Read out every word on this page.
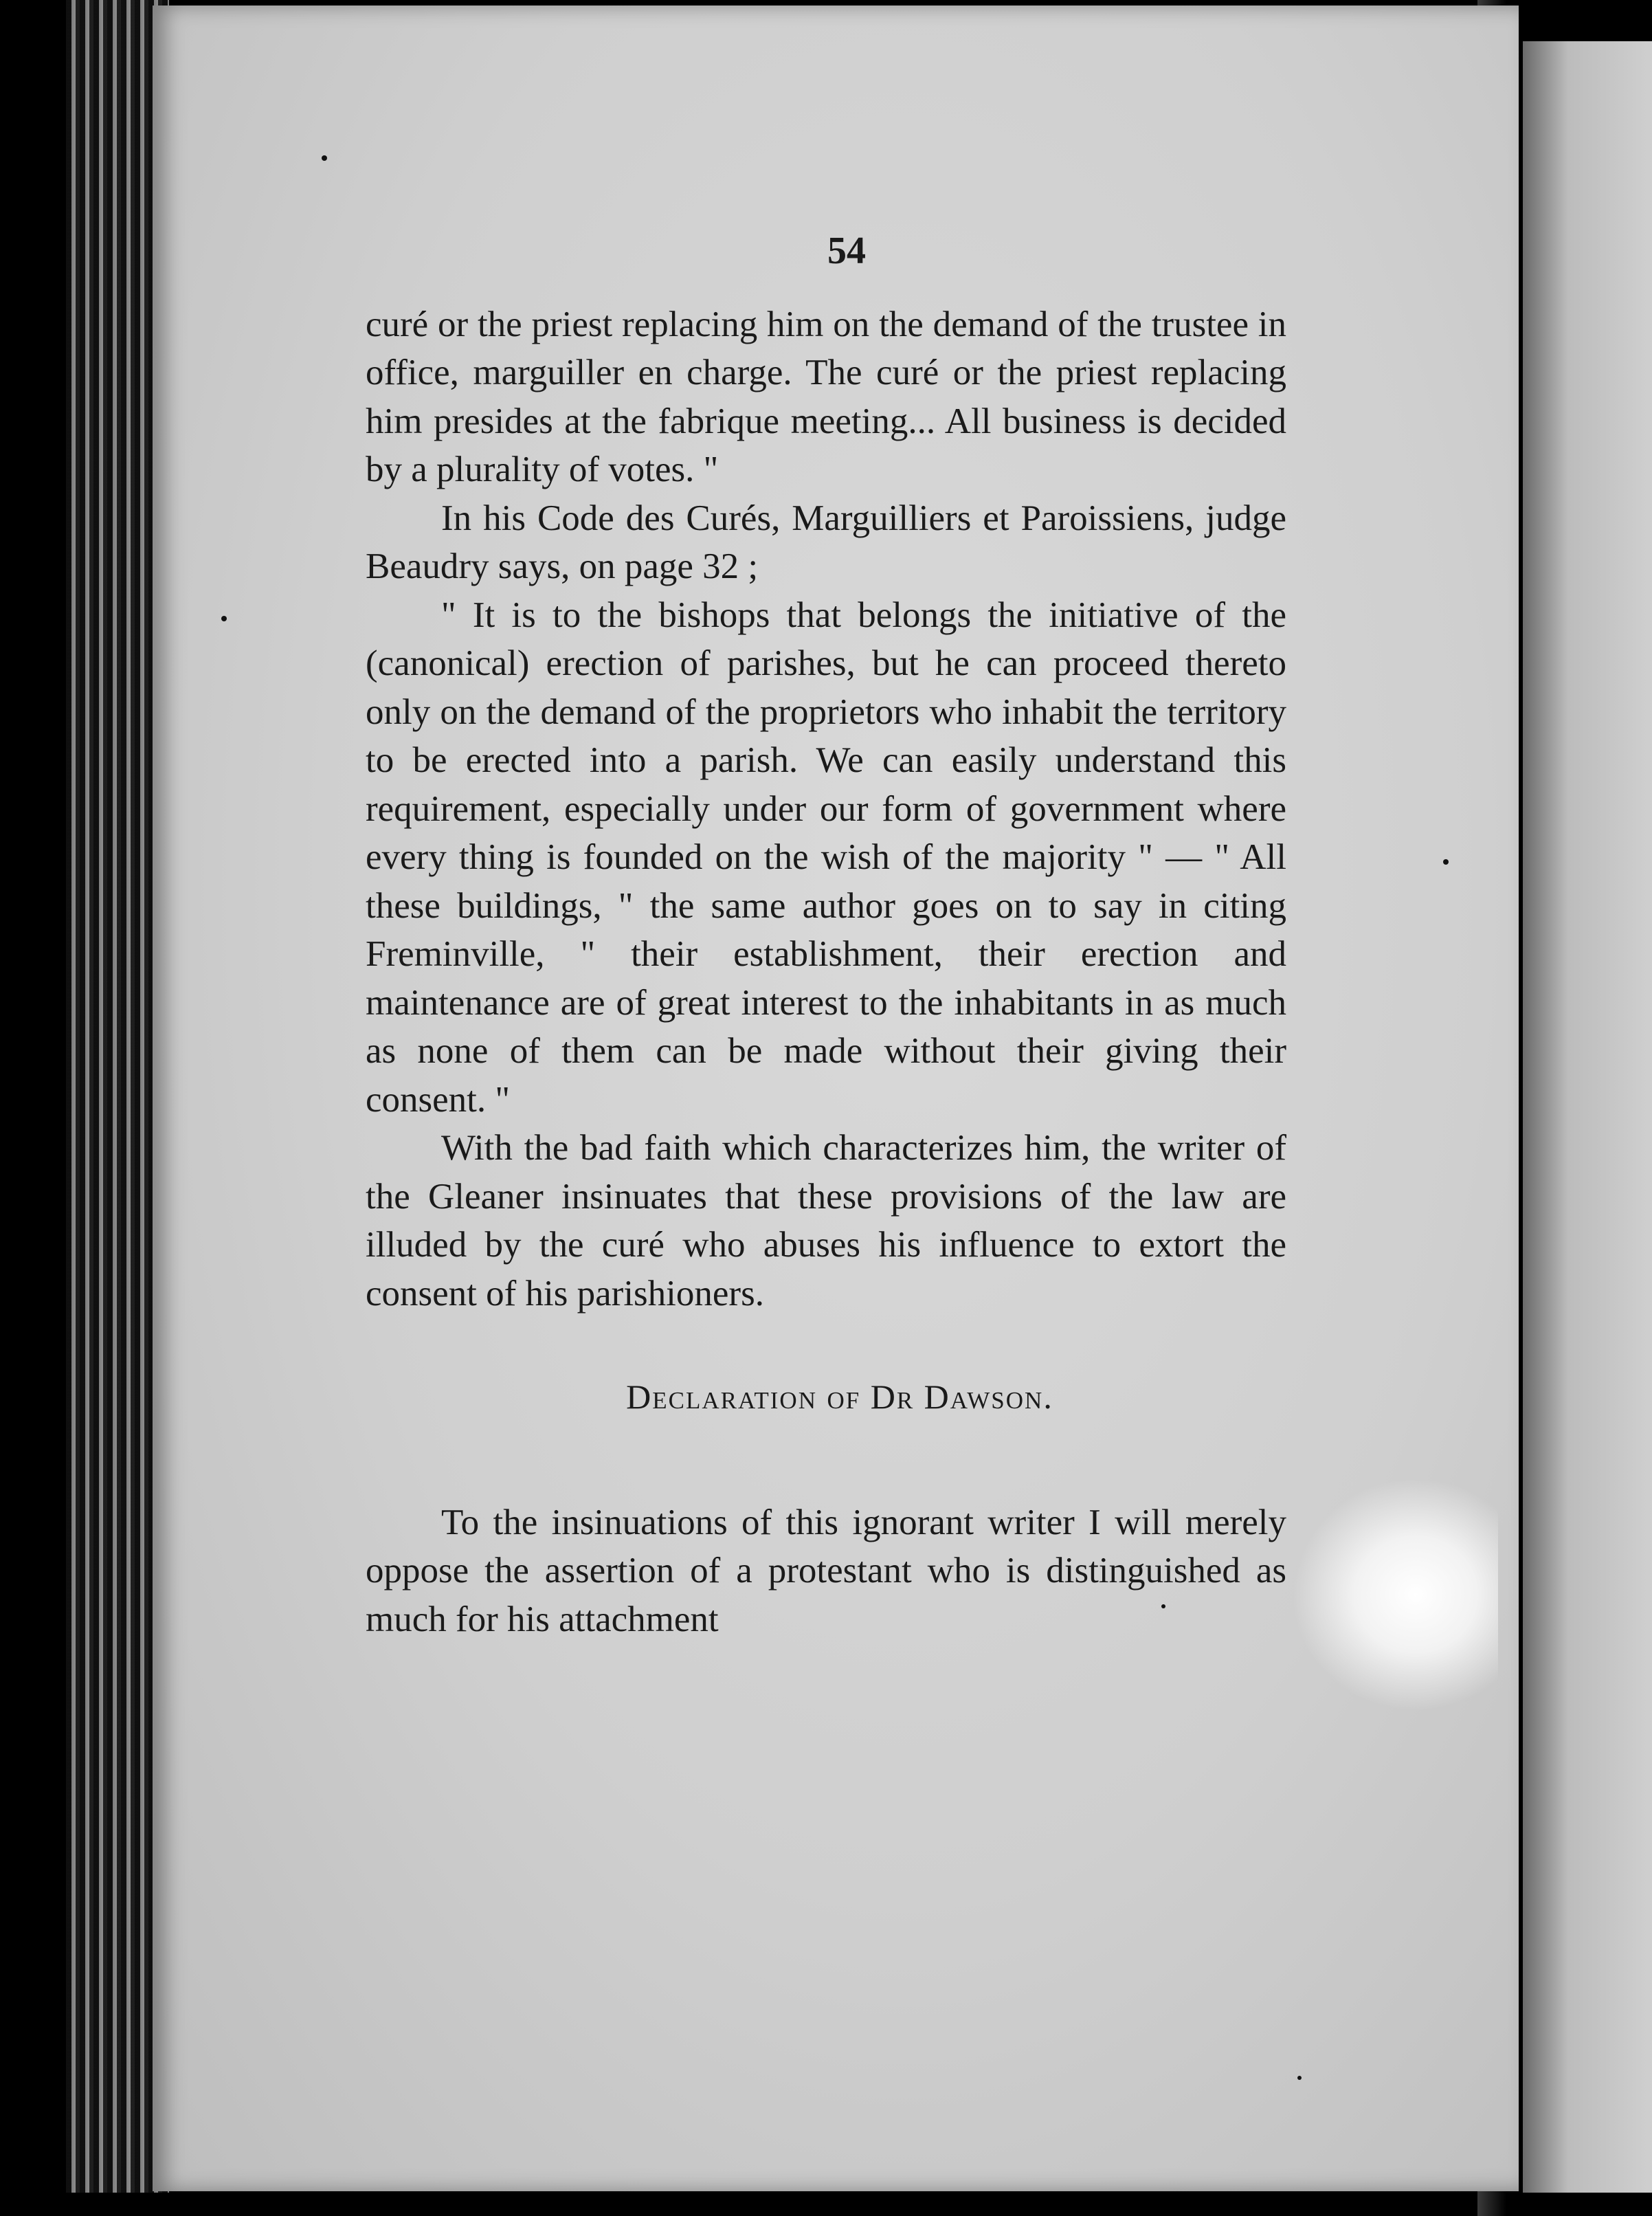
54

curé or the priest replacing him on the demand of the trustee in office, marguiller en charge. The curé or the priest replacing him presides at the fabrique meeting... All business is decided by a plurality of votes. "

In his Code des Curés, Marguilliers et Paroissiens, judge Beaudry says, on page 32 ;

" It is to the bishops that belongs the initiative of the (canonical) erection of parishes, but he can proceed thereto only on the demand of the proprietors who inhabit the territory to be erected into a parish. We can easily understand this requirement, especially under our form of government where every thing is founded on the wish of the majority " — " All these buildings, " the same author goes on to say in citing Freminville, " their establishment, their erection and maintenance are of great interest to the inhabitants in as much as none of them can be made without their giving their consent. "

With the bad faith which characterizes him, the writer of the Gleaner insinuates that these provisions of the law are illuded by the curé who abuses his influence to extort the consent of his parishioners.

Declaration of Dr Dawson.

To the insinuations of this ignorant writer I will merely oppose the assertion of a protestant who is distinguished as much for his attachment
